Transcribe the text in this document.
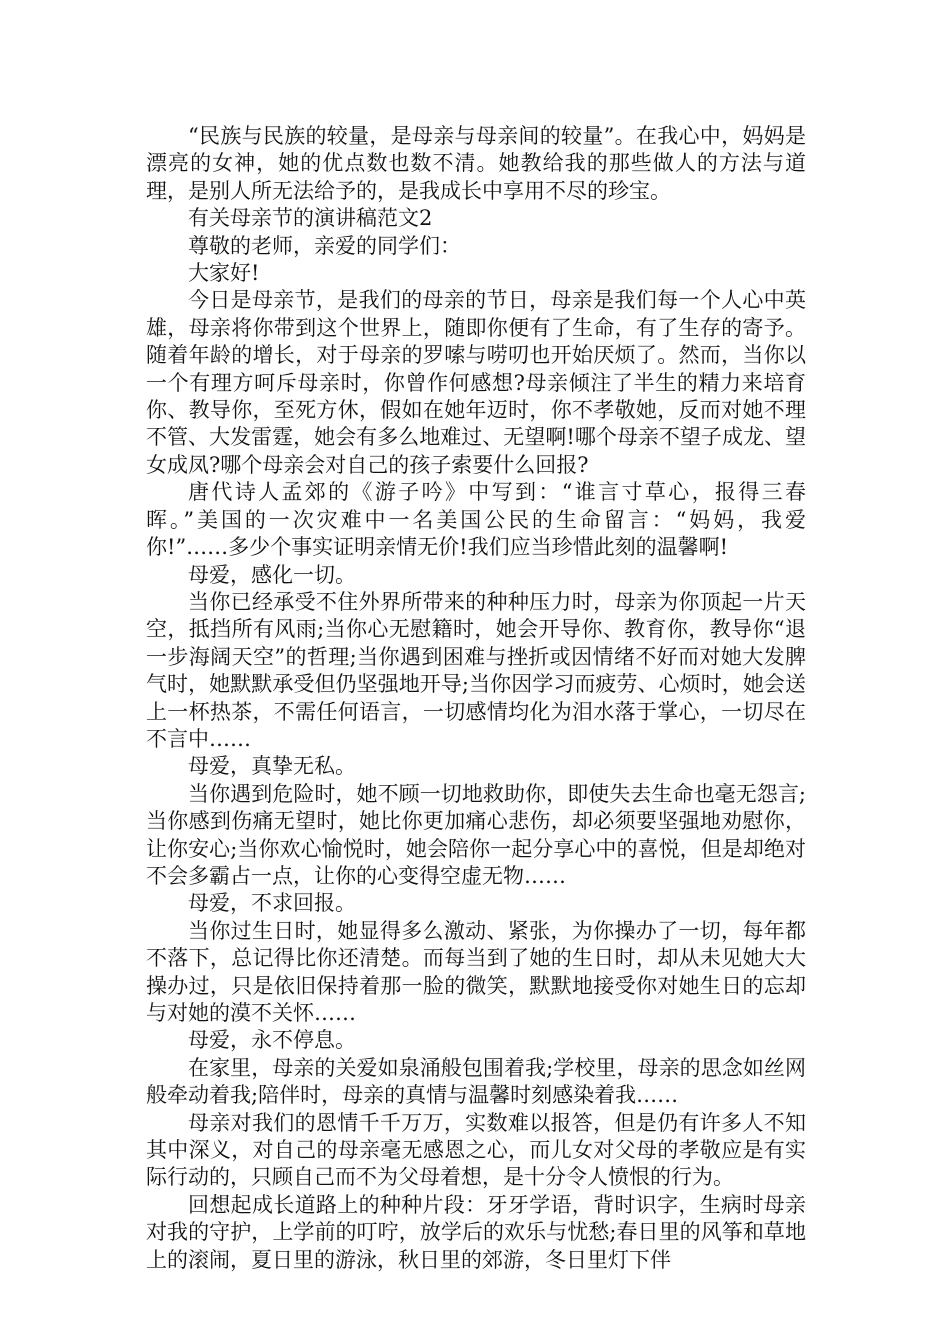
“民族与民族的较量，是母亲与母亲间的较量”。在我心中，妈妈是漂亮的女神，她的优点数也数不清。她教给我的那些做人的方法与道理，是别人所无法给予的，是我成长中享用不尽的珍宝。

有关母亲节的演讲稿范文2

尊敬的老师，亲爱的同学们：

大家好!

今日是母亲节，是我们的母亲的节日，母亲是我们每一个人心中英雄，母亲将你带到这个世界上，随即你便有了生命，有了生存的寄予。随着年龄的增长，对于母亲的罗嗦与唠叨也开始厌烦了。然而，当你以一个有理方呵斥母亲时，你曾作何感想?母亲倾注了半生的精力来培育你、教导你，至死方休，假如在她年迈时，你不孝敬她，反而对她不理不管、大发雷霆，她会有多么地难过、无望啊!哪个母亲不望子成龙、望女成凤?哪个母亲会对自己的孩子索要什么回报?

唐代诗人孟郊的《游子吟》中写到：“谁言寸草心，报得三春晖。”美国的一次灾难中一名美国公民的生命留言：“妈妈，我爱你!”……多少个事实证明亲情无价!我们应当珍惜此刻的温馨啊!

母爱，感化一切。

当你已经承受不住外界所带来的种种压力时，母亲为你顶起一片天空，抵挡所有风雨;当你心无慰籍时，她会开导你、教育你，教导你“退一步海阔天空”的哲理;当你遇到困难与挫折或因情绪不好而对她大发脾气时，她默默承受但仍坚强地开导;当你因学习而疲劳、心烦时，她会送上一杯热茶，不需任何语言，一切感情均化为泪水落于掌心，一切尽在不言中……

母爱，真挚无私。

当你遇到危险时，她不顾一切地救助你，即使失去生命也毫无怨言;当你感到伤痛无望时，她比你更加痛心悲伤，却必须要坚强地劝慰你，让你安心;当你欢心愉悦时，她会陪你一起分享心中的喜悦，但是却绝对不会多霸占一点，让你的心变得空虚无物……

母爱，不求回报。

当你过生日时，她显得多么激动、紧张，为你操办了一切，每年都不落下，总记得比你还清楚。而每当到了她的生日时，却从未见她大大操办过，只是依旧保持着那一脸的微笑，默默地接受你对她生日的忘却与对她的漠不关怀……

母爱，永不停息。

在家里，母亲的关爱如泉涌般包围着我;学校里，母亲的思念如丝网般牵动着我;陪伴时，母亲的真情与温馨时刻感染着我……

母亲对我们的恩情千千万万，实数难以报答，但是仍有许多人不知其中深义，对自己的母亲毫无感恩之心，而儿女对父母的孝敬应是有实际行动的，只顾自己而不为父母着想，是十分令人愤恨的行为。

回想起成长道路上的种种片段：牙牙学语，背时识字，生病时母亲对我的守护，上学前的叮咛，放学后的欢乐与忧愁;春日里的风筝和草地上的滚闹，夏日里的游泳，秋日里的郊游，冬日里灯下伴
